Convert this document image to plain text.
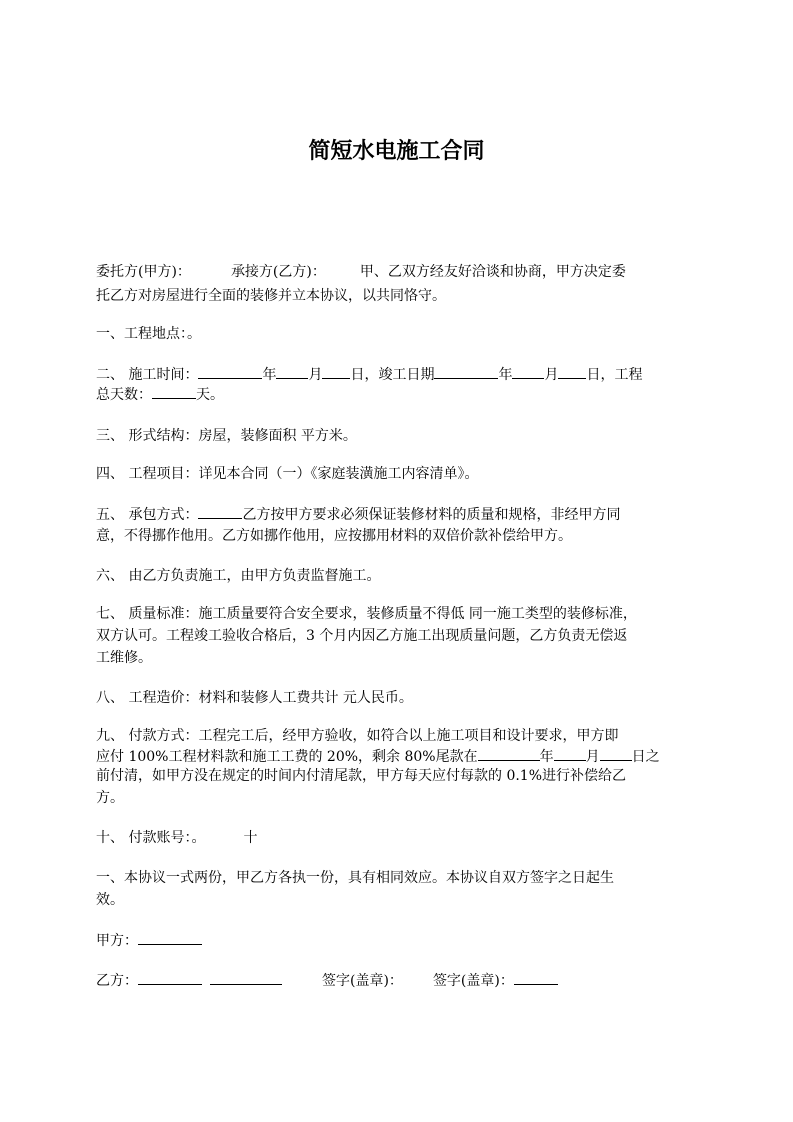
简短水电施工合同
委托方(甲方)：	承接方(乙方)： 甲、乙双方经友好洽谈和协商，甲方决定委
托乙方对房屋进行全面的装修并立本协议，以共同恪守。
一、工程地点：。
二、 施工时间：	年 月 日，竣工日期	年 月 日，工程
总天数：	天。
三、 形式结构：房屋，装修面积 平方米。
四、 工程项目：详见本合同（一）《家庭装潢施工内容清单》。
五、 承包方式：	乙方按甲方要求必须保证装修材料的质量和规格，非经甲方同
意，不得挪作他用。乙方如挪作他用，应按挪用材料的双倍价款补偿给甲方。
六、 由乙方负责施工，由甲方负责监督施工。
七、 质量标准：施工质量要符合安全要求，装修质量不得低 同一施工类型的装修标准，
双方认可。工程竣工验收合格后，3 个月内因乙方施工出现质量问题，乙方负责无偿返
工维修。
八、 工程造价：材料和装修人工费共计 元人民币。
九、 付款方式：工程完工后，经甲方验收，如符合以上施工项目和设计要求，甲方即
应付 100%工程材料款和施工工费的 20%，剩余 80%尾款在	年 月 日之
前付清，如甲方没在规定的时间内付清尾款，甲方每天应付每款的 0.1%进行补偿给乙
方。
十、 付款账号：。	十
一、本协议一式两份，甲乙方各执一份，具有相同效应。本协议自双方签字之日起生
效。
甲方：
乙方：	签字(盖章)： 签字(盖章)：
